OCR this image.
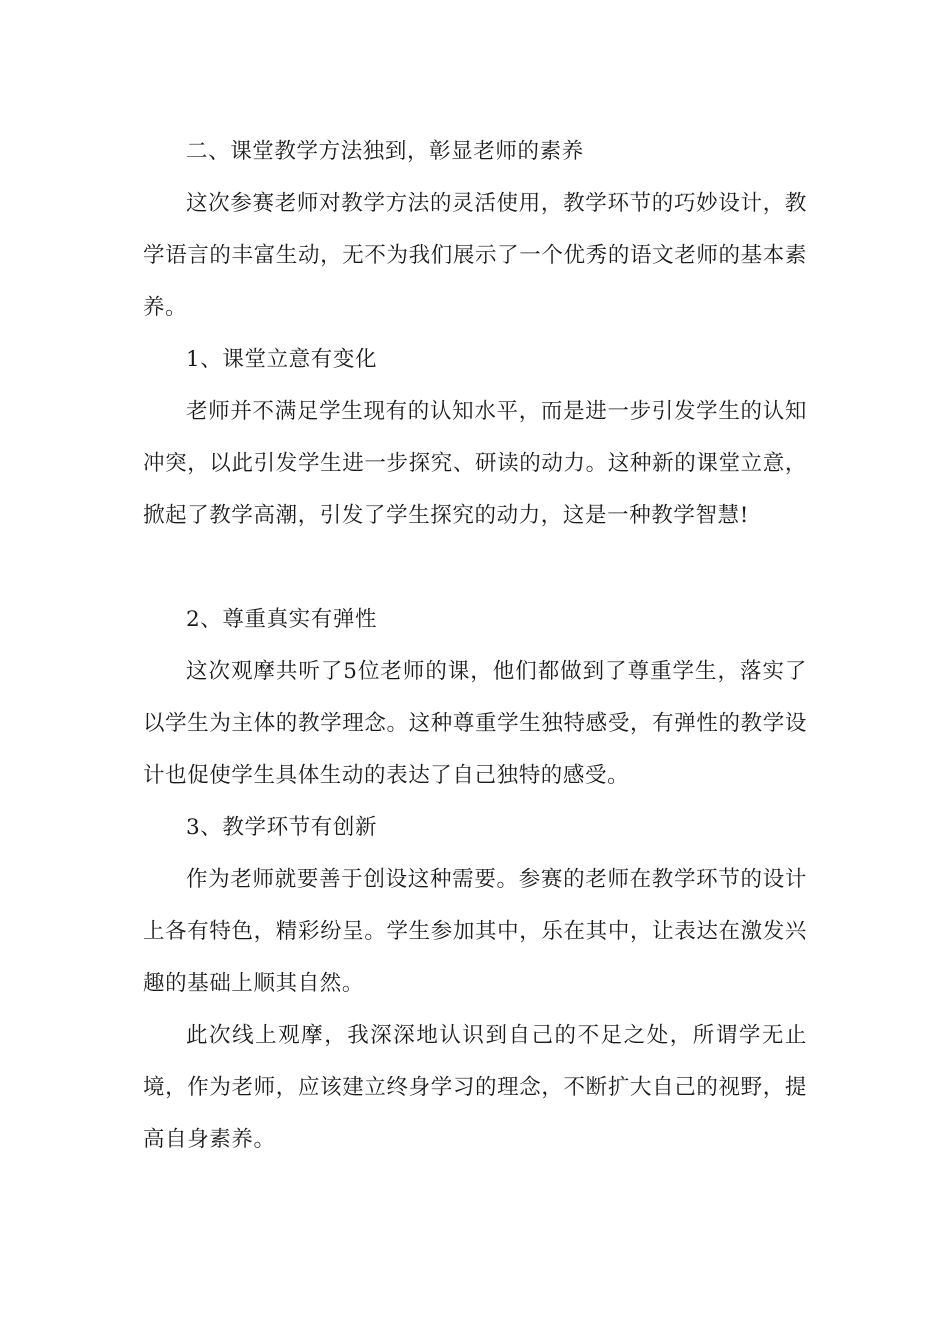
二、课堂教学方法独到，彰显老师的素养

这次参赛老师对教学方法的灵活使用，教学环节的巧妙设计，教学语言的丰富生动，无不为我们展示了一个优秀的语文老师的基本素养。

1、课堂立意有变化

老师并不满足学生现有的认知水平，而是进一步引发学生的认知冲突，以此引发学生进一步探究、研读的动力。这种新的课堂立意，掀起了教学高潮，引发了学生探究的动力，这是一种教学智慧!

2、尊重真实有弹性

这次观摩共听了5位老师的课，他们都做到了尊重学生，落实了以学生为主体的教学理念。这种尊重学生独特感受，有弹性的教学设计也促使学生具体生动的表达了自己独特的感受。

3、教学环节有创新

作为老师就要善于创设这种需要。参赛的老师在教学环节的设计上各有特色，精彩纷呈。学生参加其中，乐在其中，让表达在激发兴趣的基础上顺其自然。

此次线上观摩，我深深地认识到自己的不足之处，所谓学无止境，作为老师，应该建立终身学习的理念，不断扩大自己的视野，提高自身素养。
